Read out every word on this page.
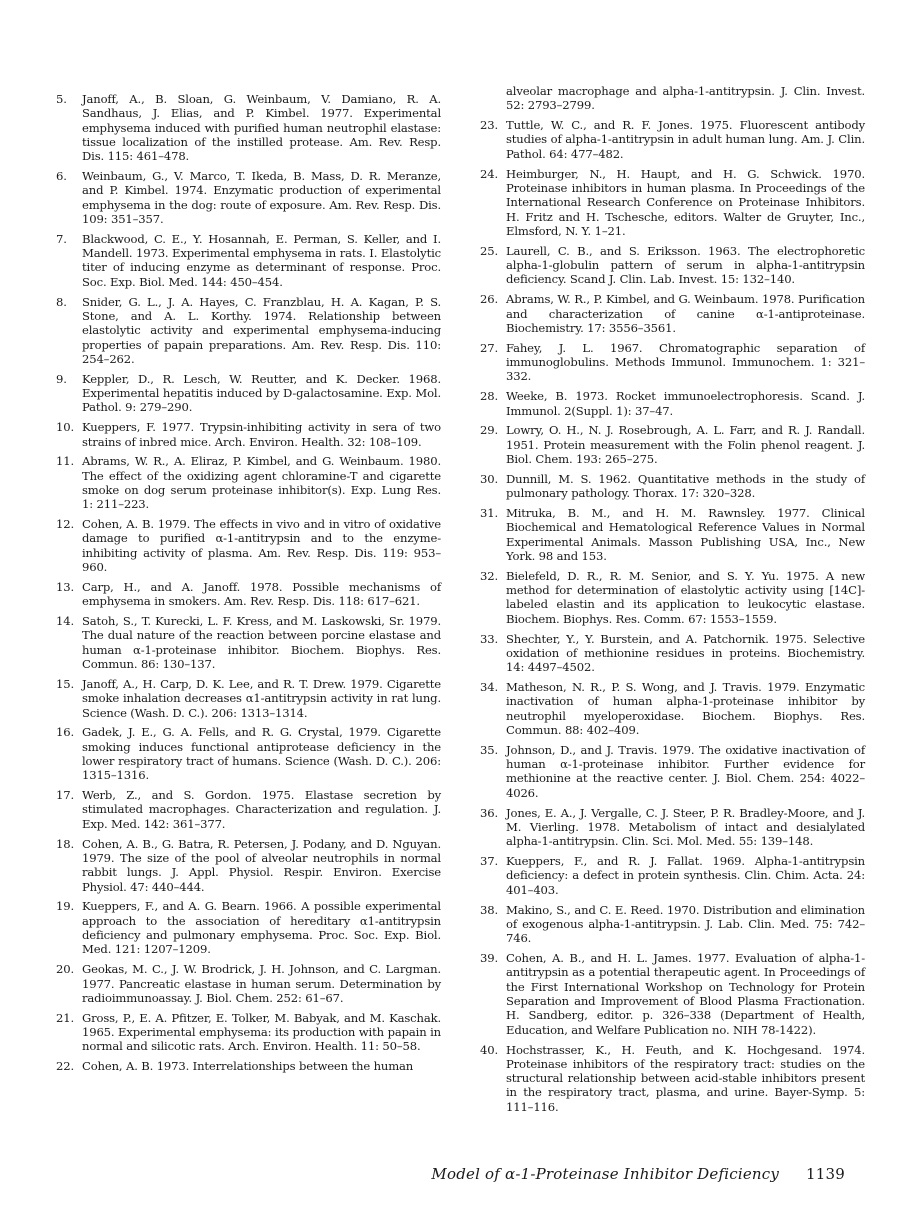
5.	Janoff, A., B. Sloan, G. Weinbaum, V. Damiano, R. A. Sandhaus, J. Elias, and P. Kimbel. 1977. Experimental emphysema induced with purified human neutrophil elastase: tissue localization of the instilled protease. Am. Rev. Resp. Dis. 115: 461–478.
6.	Weinbaum, G., V. Marco, T. Ikeda, B. Mass, D. R. Meranze, and P. Kimbel. 1974. Enzymatic production of experimental emphysema in the dog: route of exposure. Am. Rev. Resp. Dis. 109: 351–357.
7.	Blackwood, C. E., Y. Hosannah, E. Perman, S. Keller, and I. Mandell. 1973. Experimental emphysema in rats. I. Elastolytic titer of inducing enzyme as determinant of response. Proc. Soc. Exp. Biol. Med. 144: 450–454.
8.	Snider, G. L., J. A. Hayes, C. Franzblau, H. A. Kagan, P. S. Stone, and A. L. Korthy. 1974. Relationship between elastolytic activity and experimental emphysema-inducing properties of papain preparations. Am. Rev. Resp. Dis. 110: 254–262.
9.	Keppler, D., R. Lesch, W. Reutter, and K. Decker. 1968. Experimental hepatitis induced by D-galactosamine. Exp. Mol. Pathol. 9: 279–290.
10. Kueppers, F. 1977. Trypsin-inhibiting activity in sera of two strains of inbred mice. Arch. Environ. Health. 32: 108–109.
11. Abrams, W. R., A. Eliraz, P. Kimbel, and G. Weinbaum. 1980. The effect of the oxidizing agent chloramine-T and cigarette smoke on dog serum proteinase inhibitor(s). Exp. Lung Res. 1: 211–223.
12. Cohen, A. B. 1979. The effects in vivo and in vitro of oxidative damage to purified α-1-antitrypsin and to the enzyme-inhibiting activity of plasma. Am. Rev. Resp. Dis. 119: 953–960.
13. Carp, H., and A. Janoff. 1978. Possible mechanisms of emphysema in smokers. Am. Rev. Resp. Dis. 118: 617–621.
14. Satoh, S., T. Kurecki, L. F. Kress, and M. Laskowski, Sr. 1979. The dual nature of the reaction between porcine elastase and human α-1-proteinase inhibitor. Biochem. Biophys. Res. Commun. 86: 130–137.
15. Janoff, A., H. Carp, D. K. Lee, and R. T. Drew. 1979. Cigarette smoke inhalation decreases α1-antitrypsin activity in rat lung. Science (Wash. D. C.). 206: 1313–1314.
16. Gadek, J. E., G. A. Fells, and R. G. Crystal, 1979. Cigarette smoking induces functional antiprotease deficiency in the lower respiratory tract of humans. Science (Wash. D. C.). 206: 1315–1316.
17. Werb, Z., and S. Gordon. 1975. Elastase secretion by stimulated macrophages. Characterization and regulation. J. Exp. Med. 142: 361–377.
18. Cohen, A. B., G. Batra, R. Petersen, J. Podany, and D. Nguyan. 1979. The size of the pool of alveolar neutrophils in normal rabbit lungs. J. Appl. Physiol. Respir. Environ. Exercise Physiol. 47: 440–444.
19. Kueppers, F., and A. G. Bearn. 1966. A possible experimental approach to the association of hereditary α1-antitrypsin deficiency and pulmonary emphysema. Proc. Soc. Exp. Biol. Med. 121: 1207–1209.
20. Geokas, M. C., J. W. Brodrick, J. H. Johnson, and C. Largman. 1977. Pancreatic elastase in human serum. Determination by radioimmunoassay. J. Biol. Chem. 252: 61–67.
21. Gross, P., E. A. Pfitzer, E. Tolker, M. Babyak, and M. Kaschak. 1965. Experimental emphysema: its production with papain in normal and silicotic rats. Arch. Environ. Health. 11: 50–58.
22. Cohen, A. B. 1973. Interrelationships between the human
alveolar macrophage and alpha-1-antitrypsin. J. Clin. Invest. 52: 2793–2799.
23. Tuttle, W. C., and R. F. Jones. 1975. Fluorescent antibody studies of alpha-1-antitrypsin in adult human lung. Am. J. Clin. Pathol. 64: 477–482.
24. Heimburger, N., H. Haupt, and H. G. Schwick. 1970. Proteinase inhibitors in human plasma. In Proceedings of the International Research Conference on Proteinase Inhibitors. H. Fritz and H. Tschesche, editors. Walter de Gruyter, Inc., Elmsford, N. Y. 1–21.
25. Laurell, C. B., and S. Eriksson. 1963. The electrophoretic alpha-1-globulin pattern of serum in alpha-1-antitrypsin deficiency. Scand J. Clin. Lab. Invest. 15: 132–140.
26. Abrams, W. R., P. Kimbel, and G. Weinbaum. 1978. Purification and characterization of canine α-1-antiproteinase. Biochemistry. 17: 3556–3561.
27. Fahey, J. L. 1967. Chromatographic separation of immunoglobulins. Methods Immunol. Immunochem. 1: 321–332.
28. Weeke, B. 1973. Rocket immunoelectrophoresis. Scand. J. Immunol. 2(Suppl. 1): 37–47.
29. Lowry, O. H., N. J. Rosebrough, A. L. Farr, and R. J. Randall. 1951. Protein measurement with the Folin phenol reagent. J. Biol. Chem. 193: 265–275.
30. Dunnill, M. S. 1962. Quantitative methods in the study of pulmonary pathology. Thorax. 17: 320–328.
31. Mitruka, B. M., and H. M. Rawnsley. 1977. Clinical Biochemical and Hematological Reference Values in Normal Experimental Animals. Masson Publishing USA, Inc., New York. 98 and 153.
32. Bielefeld, D. R., R. M. Senior, and S. Y. Yu. 1975. A new method for determination of elastolytic activity using [14C]-labeled elastin and its application to leukocytic elastase. Biochem. Biophys. Res. Comm. 67: 1553–1559.
33. Shechter, Y., Y. Burstein, and A. Patchornik. 1975. Selective oxidation of methionine residues in proteins. Biochemistry. 14: 4497–4502.
34. Matheson, N. R., P. S. Wong, and J. Travis. 1979. Enzymatic inactivation of human alpha-1-proteinase inhibitor by neutrophil myeloperoxidase. Biochem. Biophys. Res. Commun. 88: 402–409.
35. Johnson, D., and J. Travis. 1979. The oxidative inactivation of human α-1-proteinase inhibitor. Further evidence for methionine at the reactive center. J. Biol. Chem. 254: 4022–4026.
36. Jones, E. A., J. Vergalle, C. J. Steer, P. R. Bradley-Moore, and J. M. Vierling. 1978. Metabolism of intact and desialylated alpha-1-antitrypsin. Clin. Sci. Mol. Med. 55: 139–148.
37. Kueppers, F., and R. J. Fallat. 1969. Alpha-1-antitrypsin deficiency: a defect in protein synthesis. Clin. Chim. Acta. 24: 401–403.
38. Makino, S., and C. E. Reed. 1970. Distribution and elimination of exogenous alpha-1-antitrypsin. J. Lab. Clin. Med. 75: 742–746.
39. Cohen, A. B., and H. L. James. 1977. Evaluation of alpha-1-antitrypsin as a potential therapeutic agent. In Proceedings of the First International Workshop on Technology for Protein Separation and Improvement of Blood Plasma Fractionation. H. Sandberg, editor. p. 326–338 (Department of Health, Education, and Welfare Publication no. NIH 78-1422).
40. Hochstrasser, K., H. Feuth, and K. Hochgesand. 1974. Proteinase inhibitors of the respiratory tract: studies on the structural relationship between acid-stable inhibitors present in the respiratory tract, plasma, and urine. Bayer-Symp. 5: 111–116.
Model of α-1-Proteinase Inhibitor Deficiency 1139
